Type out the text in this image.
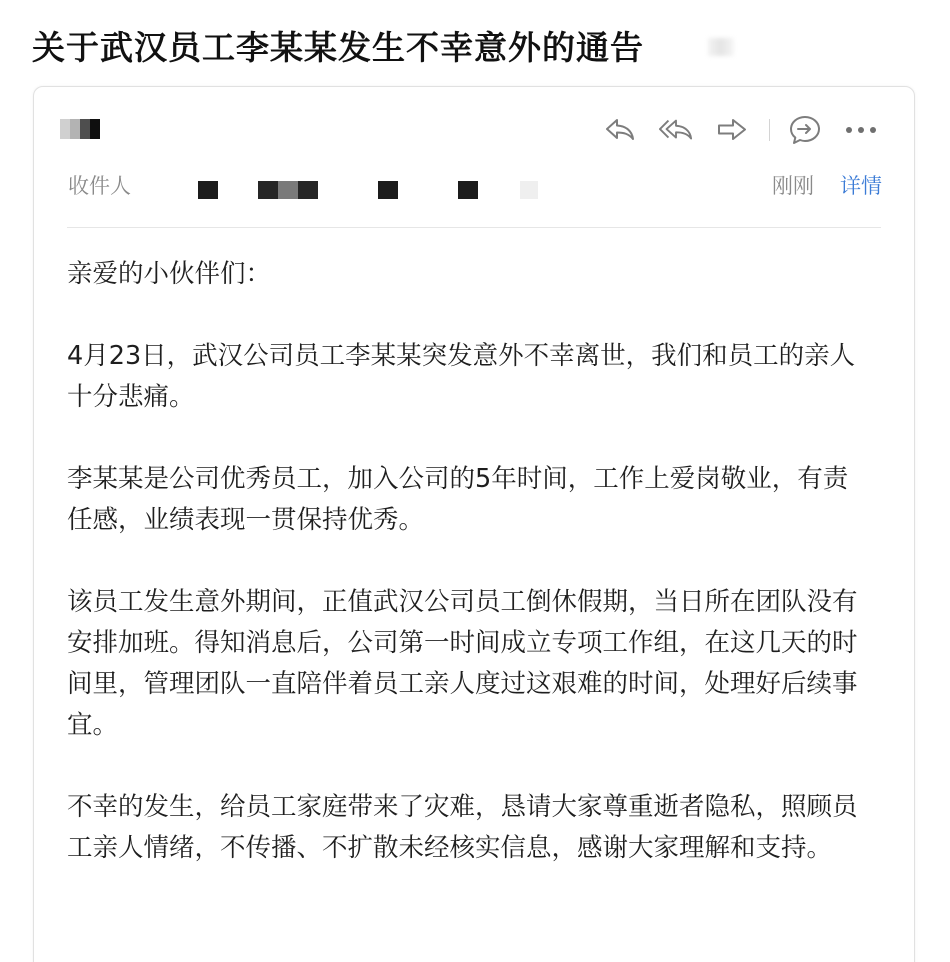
关于武汉员工李某某发生不幸意外的通告
收件人	刚刚 详情
亲爱的小伙伴们：

4月23日，武汉公司员工李某某突发意外不幸离世，我们和员工的亲人十分悲痛。

李某某是公司优秀员工，加入公司的5年时间，工作上爱岗敬业，有责任感，业绩表现一贯保持优秀。

该员工发生意外期间，正值武汉公司员工倒休假期，当日所在团队没有安排加班。得知消息后，公司第一时间成立专项工作组，在这几天的时间里，管理团队一直陪伴着员工亲人度过这艰难的时间，处理好后续事宜。

不幸的发生，给员工家庭带来了灾难，恳请大家尊重逝者隐私，照顾员工亲人情绪，不传播、不扩散未经核实信息，感谢大家理解和支持。
